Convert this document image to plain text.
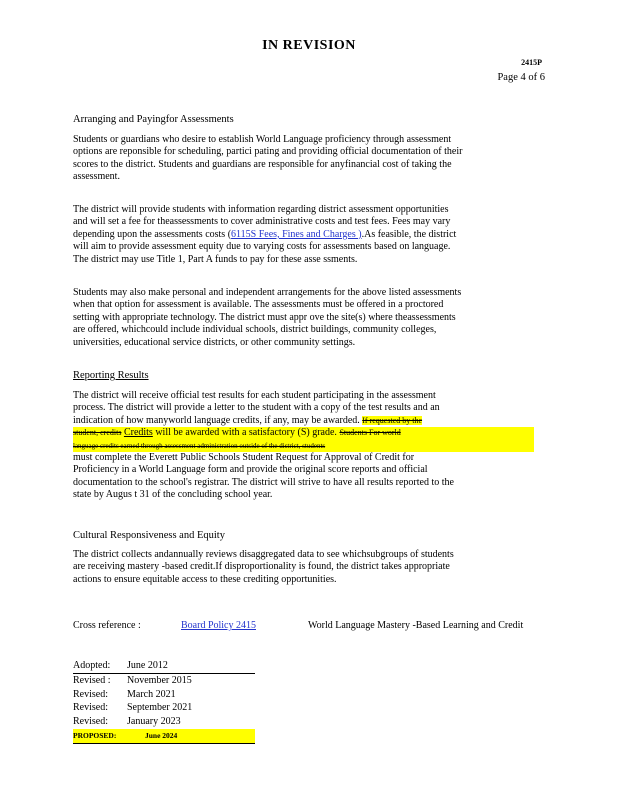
IN REVISION
2415P
Page 4 of 6
Arranging and Payingfor Assessments
Students or guardians who desire to establish World Language proficiency through assessment
options are reponsible for scheduling, partici pating and providing official documentation of their
scores to the district. Students and guardians are responsible for anyfinancial cost of taking the
assessment.
The district will provide students with information regarding district assessment opportunities
and will set a fee for theassessments to cover administrative costs and test fees. Fees may vary
depending upon the assessments costs (6115S Fees, Fines and Charges ).As feasible, the district
will aim to provide assessment equity due to varying costs for assessments based on language.
The district may use Title 1, Part A funds to pay for these asse ssments.
Students may also make personal and independent arrangements for the above listed assessments
when that option for assessment is available. The assessments must be offered in a proctored
setting with appropriate technology. The district must appr ove the site(s) where theassessments
are offered, whichcould include individual schools, district buildings, community colleges,
universities, educational service districts, or other community settings.
Reporting Results
The district will receive official test results for each student participating in the assessment
process. The district will provide a letter to the student with a copy of the test results and an
indication of how manyworld language credits, if any, may be awarded. If requested by the
student, credits Credits will be awarded with a satisfactory (S) grade. Students For world
language credits earned through assessment administration outside of the district, students
must complete the Everett Public Schools Student Request for Approval of Credit for
Proficiency in a World Language form and provide the original score reports and official
documentation to the school's registrar. The district will strive to have all results reported to the
state by Augus t 31 of the concluding school year.
Cultural Responsiveness and Equity
The district collects andannually reviews disaggregated data to see whichsubgroups of students
are receiving mastery -based credit.If disproportionality is found, the district takes appropriate
actions to ensure equitable access to these crediting opportunities.
Cross reference :	Board Policy 2415	World Language Mastery -Based Learning and Credit
Adopted:	June 2012
Revised :	November 2015
Revised:	March 2021
Revised:	September 2021
Revised:	January 2023
PROPOSED:	June 2024
